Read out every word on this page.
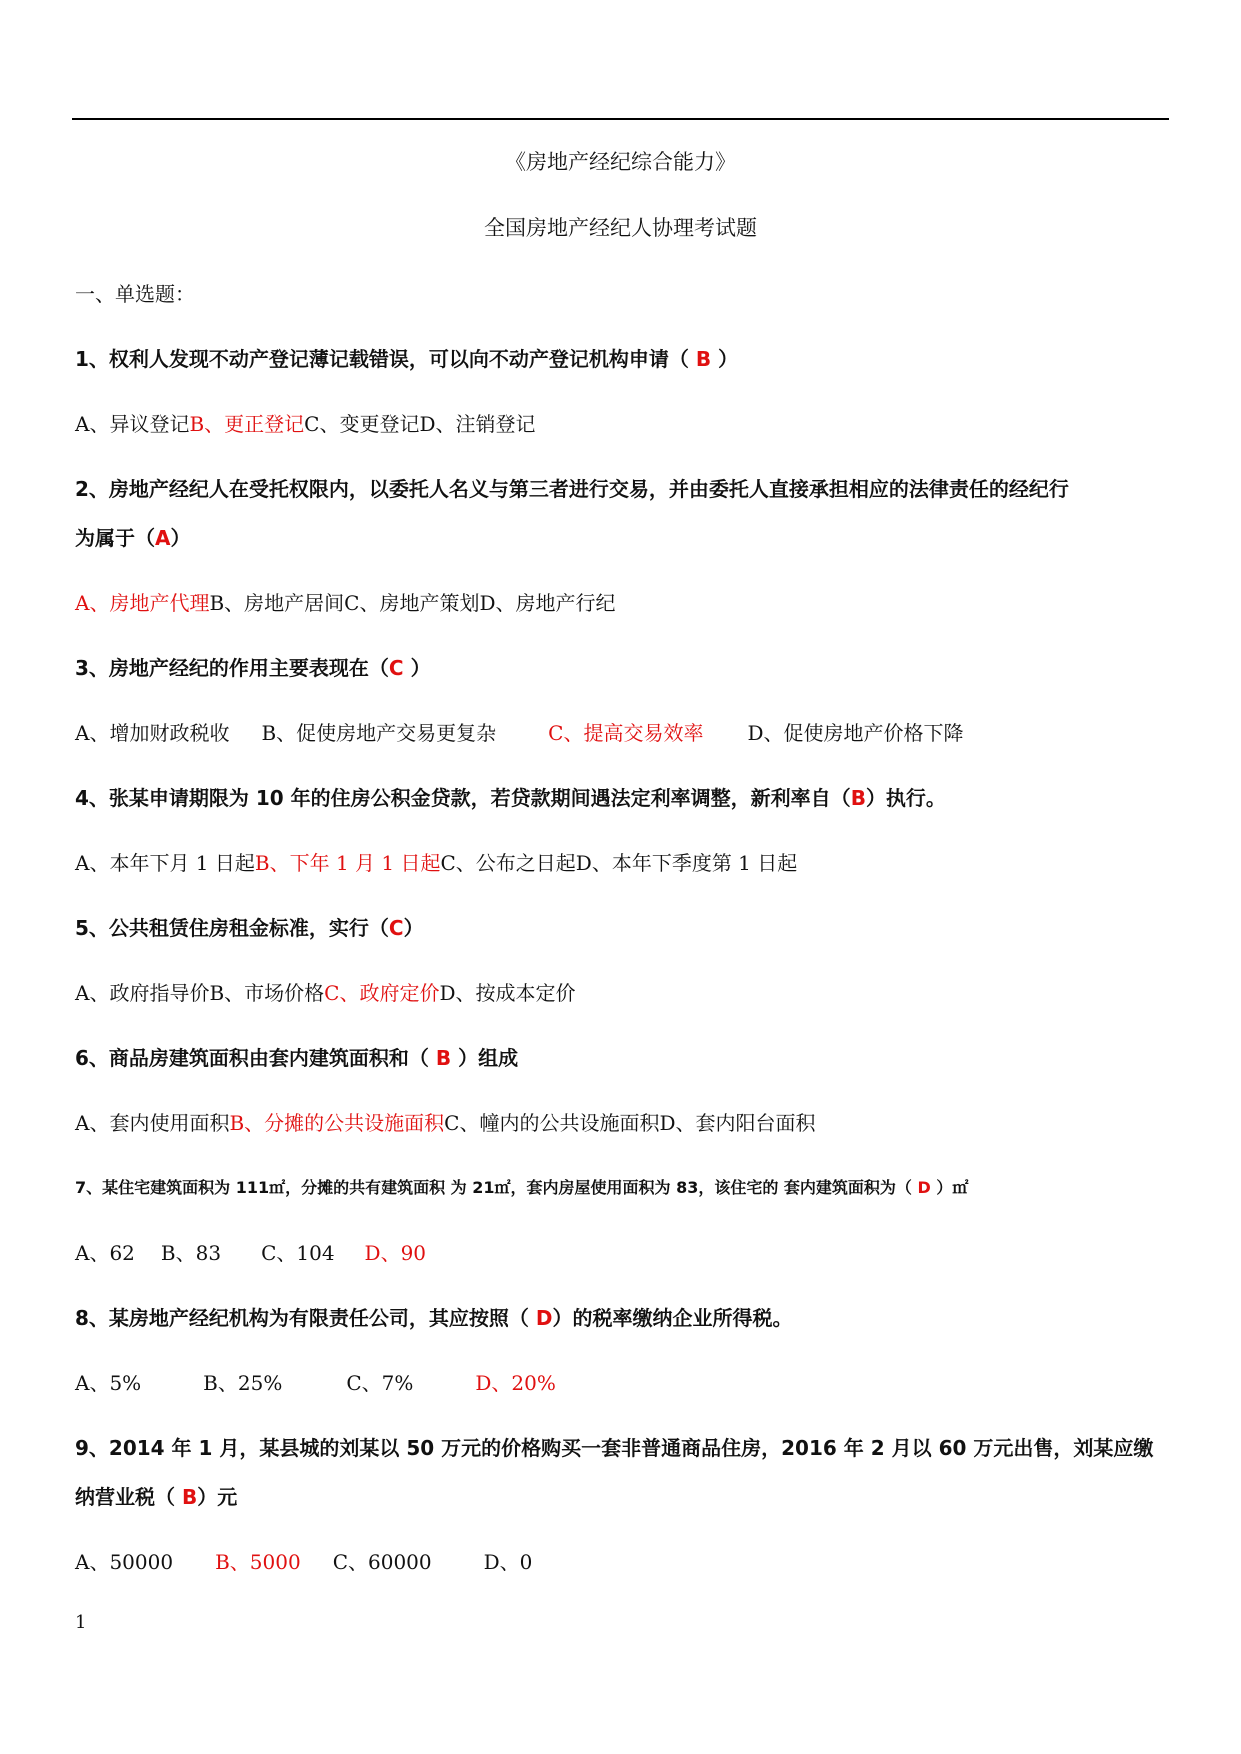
《房地产经纪综合能力》
全国房地产经纪人协理考试题
一、单选题：
1、权利人发现不动产登记薄记载错误，可以向不动产登记机构申请（ B ）
A、异议登记B、更正登记C、变更登记D、注销登记
2、房地产经纪人在受托权限内，以委托人名义与第三者进行交易，并由委托人直接承担相应的法律责任的经纪行
为属于（A）
A、房地产代理B、房地产居间C、房地产策划D、房地产行纪
3、房地产经纪的作用主要表现在（C ）
A、增加财政税收 B、促使房地产交易更复杂	C、提高交易效率 D、促使房地产价格下降
4、张某申请期限为 10 年的住房公积金贷款，若贷款期间遇法定利率调整，新利率自（B）执行。
A、本年下月 1 日起B、下年 1 月 1 日起C、公布之日起D、本年下季度第 1 日起
5、公共租赁住房租金标准，实行（C）
A、政府指导价B、市场价格C、政府定价D、按成本定价
6、商品房建筑面积由套内建筑面积和（ B ）组成
A、套内使用面积B、分摊的公共设施面积C、幢内的公共设施面积D、套内阳台面积
7、某住宅建筑面积为 111㎡，分摊的共有建筑面积 为 21㎡，套内房屋使用面积为 83，该住宅的 套内建筑面积为（ D ）㎡
A、62 B、83 C、104 D、90
8、某房地产经纪机构为有限责任公司，其应按照（ D）的税率缴纳企业所得税。
A、5%	B、25%	C、7%	D、20%
9、2014 年 1 月，某县城的刘某以 50 万元的价格购买一套非普通商品住房，2016 年 2 月以 60 万元出售，刘某应缴
纳营业税（ B）元
A、50000 B、5000 C、60000	D、0
1
